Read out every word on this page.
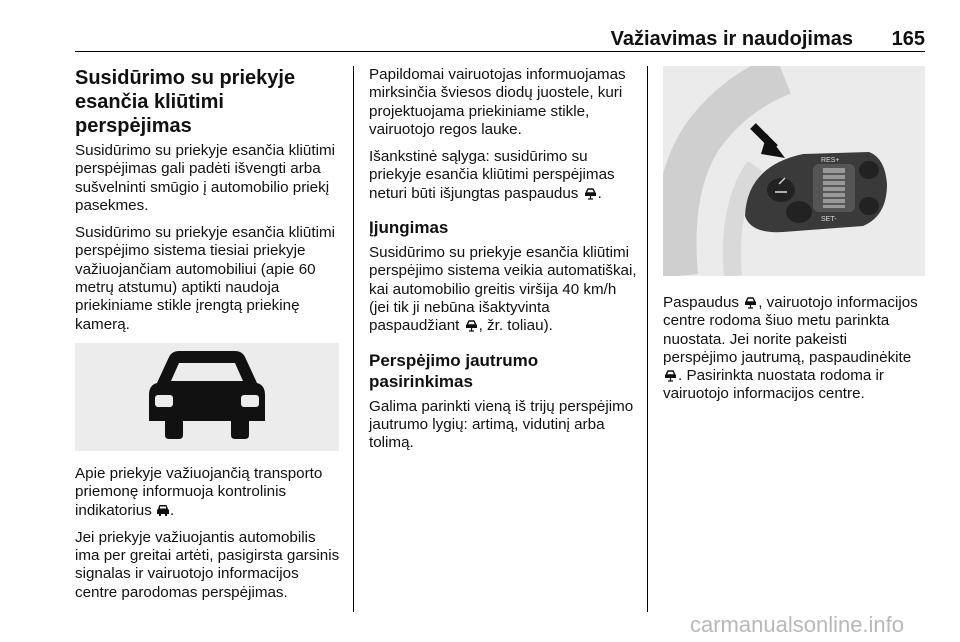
Važiavimas ir naudojimas 165
Susidūrimo su priekyje esančia kliūtimi perspėjimas

Susidūrimo su priekyje esančia kliūtimi perspėjimas gali padėti išvengti arba sušvelninti smūgio į automobilio priekį pasekmes.

Susidūrimo su priekyje esančia kliūtimi perspėjimo sistema tiesiai priekyje važiuojančiam automobiliui (apie 60 metrų atstumu) aptikti naudoja priekiniame stikle įrengtą priekinę kamerą.

Apie priekyje važiuojančią transporto priemonę informuoja kontrolinis indikatorius .

Jei priekyje važiuojantis automobilis ima per greitai artėti, pasigirsta garsinis signalas ir vairuotojo informacijos centre parodomas perspėjimas.

Papildomai vairuotojas informuojamas mirksinčia šviesos diodų juostele, kuri projektuojama priekiniame stikle, vairuotojo regos lauke.

Išankstinė sąlyga: susidūrimo su priekyje esančia kliūtimi perspėjimas neturi būti išjungtas paspaudus .

Įjungimas

Susidūrimo su priekyje esančia kliūtimi perspėjimo sistema veikia automatiškai, kai automobilio greitis viršija 40 km/h (jei tik ji nebūna išaktyvinta paspaudžiant , žr. toliau).

Perspėjimo jautrumo pasirinkimas

Galima parinkti vieną iš trijų perspėjimo jautrumo lygių: artimą, vidutinį arba tolimą.

RES+
SET-

Paspaudus , vairuotojo informacijos centre rodoma šiuo metu parinkta nuostata. Jei norite pakeisti perspėjimo jautrumą, paspaudinėkite . Pasirinkta nuostata rodoma ir vairuotojo informacijos centre.

carmanualsonline.info
